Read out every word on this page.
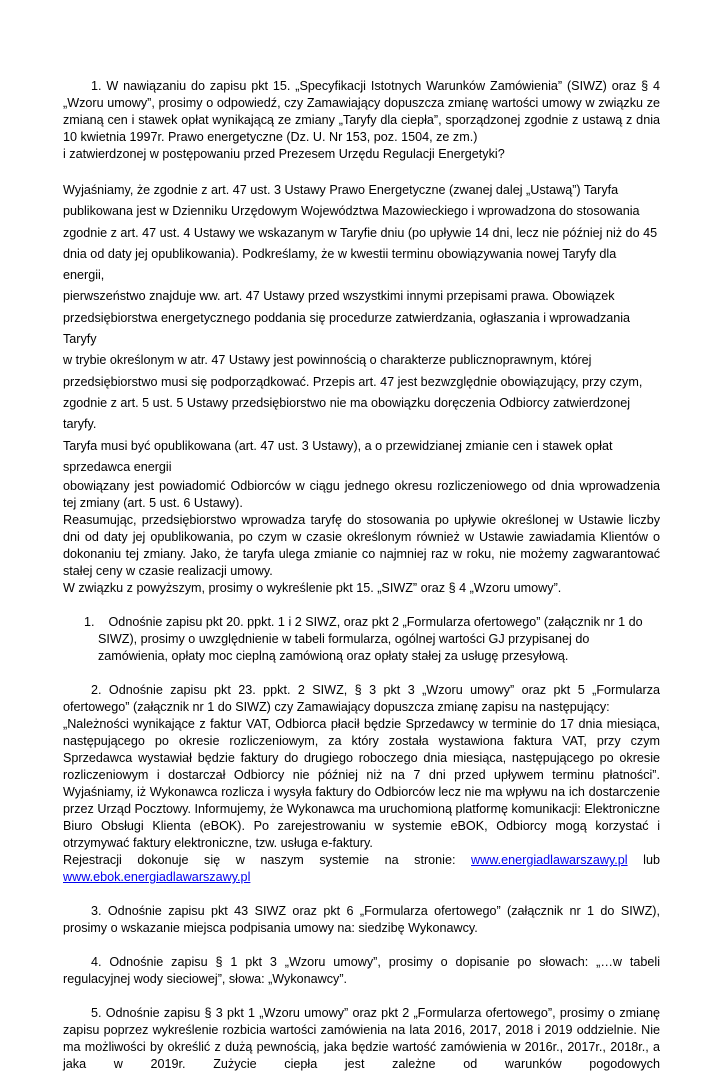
1. W nawiązaniu do zapisu pkt 15. „Specyfikacji Istotnych Warunków Zamówienia” (SIWZ) oraz § 4 „Wzoru umowy”, prosimy o odpowiedź, czy Zamawiający dopuszcza zmianę wartości umowy w związku ze zmianą cen i stawek opłat wynikającą ze zmiany „Taryfy dla ciepła”, sporządzonej zgodnie z ustawą z dnia 10 kwietnia 1997r. Prawo energetyczne (Dz. U. Nr 153, poz. 1504, ze zm.)

i zatwierdzonej w postępowaniu przed Prezesem Urzędu Regulacji Energetyki?

Wyjaśniamy, że zgodnie z art. 47 ust. 3 Ustawy Prawo Energetyczne (zwanej dalej „Ustawą”) Taryfa

publikowana jest w Dzienniku Urzędowym Województwa Mazowieckiego i wprowadzona do stosowania

zgodnie z art. 47 ust. 4 Ustawy we wskazanym w Taryfie dniu (po upływie 14 dni, lecz nie później niż do 45

dnia od daty jej opublikowania). Podkreślamy, że w kwestii terminu obowiązywania nowej Taryfy dla energii,

pierwszeństwo znajduje ww. art. 47 Ustawy przed wszystkimi innymi przepisami prawa. Obowiązek

przedsiębiorstwa energetycznego poddania się procedurze zatwierdzania, ogłaszania i wprowadzania Taryfy

w trybie określonym w atr. 47 Ustawy jest powinnością o charakterze publicznoprawnym, której

przedsiębiorstwo musi się podporządkować. Przepis art. 47 jest bezwzględnie obowiązujący, przy czym,

zgodnie z art. 5 ust. 5 Ustawy przedsiębiorstwo nie ma obowiązku doręczenia Odbiorcy zatwierdzonej taryfy.

Taryfa musi być opublikowana (art. 47 ust. 3 Ustawy), a o przewidzianej zmianie cen i stawek opłat

sprzedawca energii

obowiązany jest powiadomić Odbiorców w ciągu jednego okresu rozliczeniowego od dnia wprowadzenia tej zmiany (art. 5 ust. 6 Ustawy).

Reasumując, przedsiębiorstwo wprowadza taryfę do stosowania po upływie określonej w Ustawie liczby dni od daty jej opublikowania, po czym w czasie określonym również w Ustawie zawiadamia Klientów o dokonaniu tej zmiany. Jako, że taryfa ulega zmianie co najmniej raz w roku, nie możemy zagwarantować stałej ceny w czasie realizacji umowy.

W związku z powyższym, prosimy o wykreślenie pkt 15. „SIWZ” oraz § 4 „Wzoru umowy”.

1. Odnośnie zapisu pkt 20. ppkt. 1 i 2 SIWZ, oraz pkt 2 „Formularza ofertowego” (załącznik nr 1 do SIWZ), prosimy o uwzględnienie w tabeli formularza, ogólnej wartości GJ przypisanej do zamówienia, opłaty moc cieplną zamówioną oraz opłaty stałej za usługę przesyłową.

2. Odnośnie zapisu pkt 23. ppkt. 2 SIWZ, § 3 pkt 3 „Wzoru umowy” oraz pkt 5 „Formularza ofertowego” (załącznik nr 1 do SIWZ) czy Zamawiający dopuszcza zmianę zapisu na następujący:

„Należności wynikające z faktur VAT, Odbiorca płacił będzie Sprzedawcy w terminie do 17 dnia miesiąca, następującego po okresie rozliczeniowym, za który została wystawiona faktura VAT, przy czym Sprzedawca wystawiał będzie faktury do drugiego roboczego dnia miesiąca, następującego po okresie rozliczeniowym i dostarczał Odbiorcy nie później niż na 7 dni przed upływem terminu płatności”. Wyjaśniamy, iż Wykonawca rozlicza i wysyła faktury do Odbiorców lecz nie ma wpływu na ich dostarczenie przez Urząd Pocztowy. Informujemy, że Wykonawca ma uruchomioną platformę komunikacji: Elektroniczne Biuro Obsługi Klienta (eBOK). Po zarejestrowaniu w systemie eBOK, Odbiorcy mogą korzystać i otrzymywać faktury elektroniczne, tzw. usługa e-faktury.

Rejestracji dokonuje się w naszym systemie na stronie: www.energiadlawarszawy.pl lub

www.ebok.energiadlawarszawy.pl

3. Odnośnie zapisu pkt 43 SIWZ oraz pkt 6 „Formularza ofertowego” (załącznik nr 1 do SIWZ), prosimy o wskazanie miejsca podpisania umowy na: siedzibę Wykonawcy.

4. Odnośnie zapisu § 1 pkt 3 „Wzoru umowy”, prosimy o dopisanie po słowach: „…w tabeli regulacyjnej wody sieciowej”, słowa: „Wykonawcy”.

5. Odnośnie zapisu § 3 pkt 1 „Wzoru umowy” oraz pkt 2 „Formularza ofertowego”, prosimy o zmianę zapisu poprzez wykreślenie rozbicia wartości zamówienia na lata 2016, 2017, 2018 i 2019 oddzielnie. Nie ma możliwości by określić z dużą pewnością, jaka będzie wartość zamówienia w 2016r., 2017r., 2018r., a jaka w 2019r. Zużycie ciepła jest zależne od warunków pogodowych
